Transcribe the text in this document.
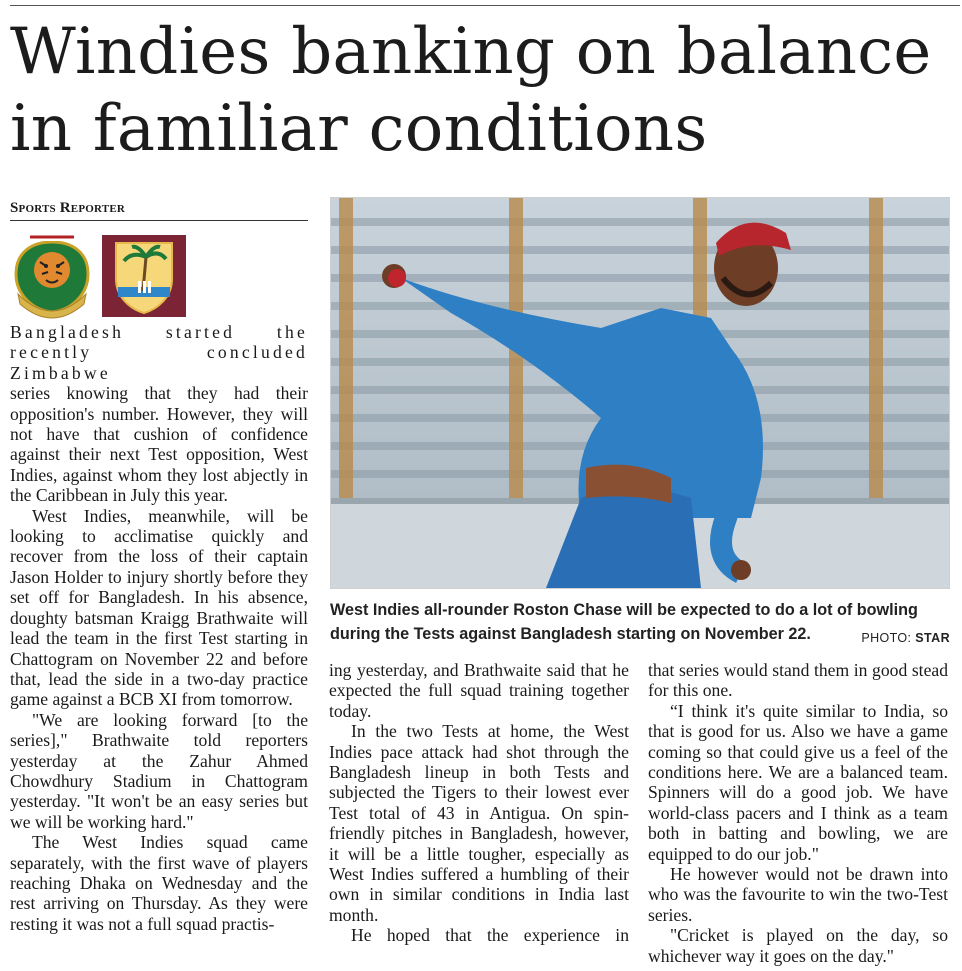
Windies banking on balance in familiar conditions
Sports Reporter

Bangladesh started the recently concluded Zimbabwe

series knowing that they had their opposition's number. However, they will not have that cushion of confidence against their next Test opposition, West Indies, against whom they lost abjectly in the Caribbean in July this year.

West Indies, meanwhile, will be looking to acclimatise quickly and recover from the loss of their captain Jason Holder to injury shortly before they set off for Bangladesh. In his absence, doughty batsman Kraigg Brathwaite will lead the team in the first Test starting in Chattogram on November 22 and before that, lead the side in a two-day practice game against a BCB XI from tomorrow.

"We are looking forward [to the series]," Brathwaite told reporters yesterday at the Zahur Ahmed Chowdhury Stadium in Chattogram yesterday. "It won't be an easy series but we will be working hard."

The West Indies squad came separately, with the first wave of players reaching Dhaka on Wednesday and the rest arriving on Thursday. As they were resting it was not a full squad practis-

West Indies all-rounder Roston Chase will be expected to do a lot of bowling during the Tests against Bangladesh starting on November 22.	PHOTO: STAR

ing yesterday, and Brathwaite said that he expected the full squad training together today.

In the two Tests at home, the West Indies pace attack had shot through the Bangladesh lineup in both Tests and subjected the Tigers to their lowest ever Test total of 43 in Antigua. On spin-friendly pitches in Bangladesh, however, it will be a little tougher, especially as West Indies suffered a humbling of their own in similar conditions in India last month.

He hoped that the experience in

that series would stand them in good stead for this one.

“I think it's quite similar to India, so that is good for us. Also we have a game coming so that could give us a feel of the conditions here. We are a balanced team. Spinners will do a good job. We have world-class pacers and I think as a team both in batting and bowling, we are equipped to do our job."

He however would not be drawn into who was the favourite to win the two-Test series.

"Cricket is played on the day, so whichever way it goes on the day."
